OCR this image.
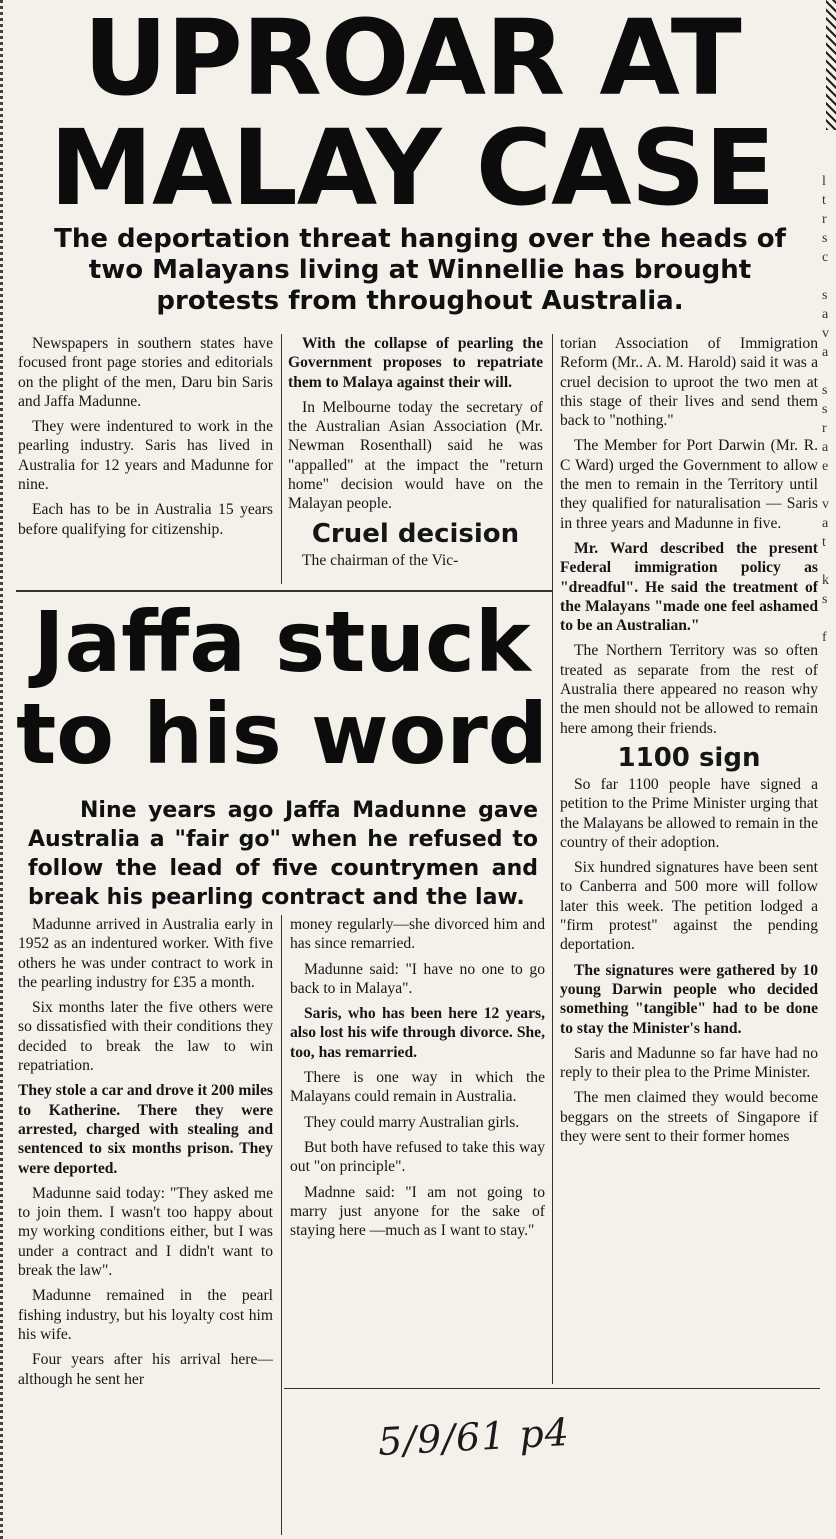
UPROAR AT
MALAY CASE
The deportation threat hanging over the heads of two Malayans living at Winnellie has brought protests from throughout Australia.

Newspapers in southern states have focused front page stories and editorials on the plight of the men, Daru bin Saris and Jaffa Madunne.

They were indentured to work in the pearling industry. Saris has lived in Australia for 12 years and Madunne for nine.

Each has to be in Australia 15 years before qualifying for citizenship.

With the collapse of pearling the Government proposes to repatriate them to Malaya against their will.

In Melbourne today the secretary of the Australian Asian Association (Mr. Newman Rosenthall) said he was "appalled" at the impact the "return home" decision would have on the Malayan people.

Cruel decision

The chairman of the Vic-

torian Association of Immigration Reform (Mr.. A. M. Harold) said it was a cruel decision to uproot the two men at this stage of their lives and send them back to "nothing."

The Member for Port Darwin (Mr. R. C Ward) urged the Government to allow the men to remain in the Territory until they qualified for naturalisation — Saris in three years and Madunne in five.

Mr. Ward described the present Federal immigration policy as "dreadful". He said the treatment of the Malayans "made one feel ashamed to be an Australian."

The Northern Territory was so often treated as separate from the rest of Australia there appeared no reason why the men should not be allowed to remain here among their friends.

1100 sign

So far 1100 people have signed a petition to the Prime Minister urging that the Malayans be allowed to remain in the country of their adoption.

Six hundred signatures have been sent to Canberra and 500 more will follow later this week. The petition lodged a "firm protest" against the pending deportation.

The signatures were gathered by 10 young Darwin people who decided something "tangible" had to be done to stay the Minister's hand.

Saris and Madunne so far have had no reply to their plea to the Prime Minister.

The men claimed they would become beggars on the streets of Singapore if they were sent to their former homes

Jaffa stuck
to his word
Nine years ago Jaffa Madunne gave Australia a "fair go" when he refused to follow the lead of five countrymen and break his pearling contract and the law.

Madunne arrived in Australia early in 1952 as an indentured worker. With five others he was under contract to work in the pearling industry for £35 a month.

Six months later the five others were so dissatisfied with their conditions they decided to break the law to win repatriation.

They stole a car and drove it 200 miles to Katherine. There they were arrested, charged with stealing and sentenced to six months prison. They were deported.

Madunne said today: "They asked me to join them. I wasn't too happy about my working conditions either, but I was under a contract and I didn't want to break the law".

Madunne remained in the pearl fishing industry, but his loyalty cost him his wife.

Four years after his arrival here— although he sent her

money regularly—she divorced him and has since remarried.

Madunne said: "I have no one to go back to in Malaya".

Saris, who has been here 12 years, also lost his wife through divorce. She, too, has remarried.

There is one way in which the Malayans could remain in Australia.

They could marry Australian girls.

But both have refused to take this way out "on principle".

Madnne said: "I am not going to marry just anyone for the sake of staying here —much as I want to stay."

5/9/61 p4
l
t
r
s
c

s
a
v
a

s
s
r
a
e

v
a
t

k
s

f
